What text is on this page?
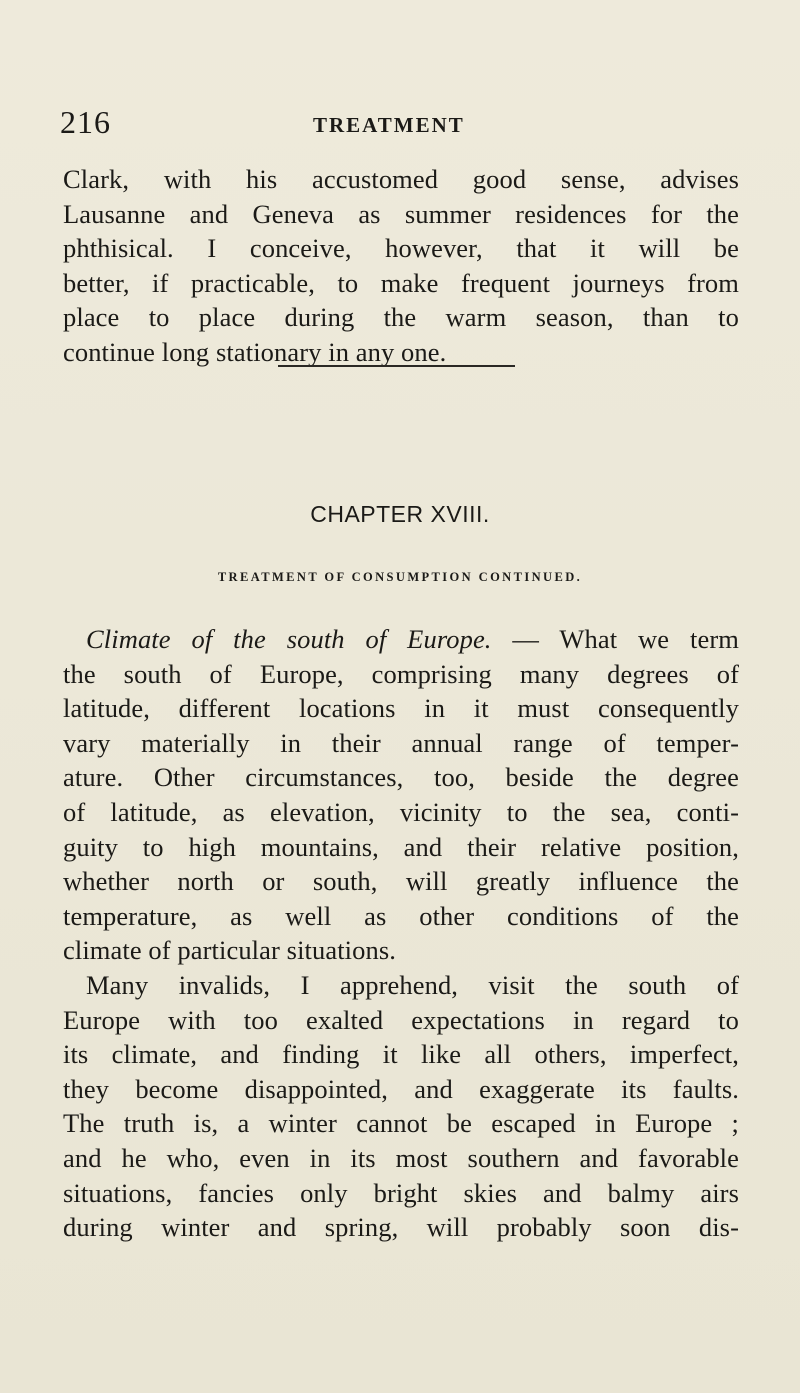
216	TREATMENT
Clark, with his accustomed good sense, advises
Lausanne and Geneva as summer residences for the
phthisical. I conceive, however, that it will be
better, if practicable, to make frequent journeys from
place to place during the warm season, than to
continue long stationary in any one.
CHAPTER XVIII.
TREATMENT OF CONSUMPTION CONTINUED.
Climate of the south of Europe. — What we term
the south of Europe, comprising many degrees of
latitude, different locations in it must consequently
vary materially in their annual range of temper-
ature. Other circumstances, too, beside the degree
of latitude, as elevation, vicinity to the sea, conti-
guity to high mountains, and their relative position,
whether north or south, will greatly influence the
temperature, as well as other conditions of the
climate of particular situations.
Many invalids, I apprehend, visit the south of
Europe with too exalted expectations in regard to
its climate, and finding it like all others, imperfect,
they become disappointed, and exaggerate its faults.
The truth is, a winter cannot be escaped in Europe ;
and he who, even in its most southern and favorable
situations, fancies only bright skies and balmy airs
during winter and spring, will probably soon dis-
